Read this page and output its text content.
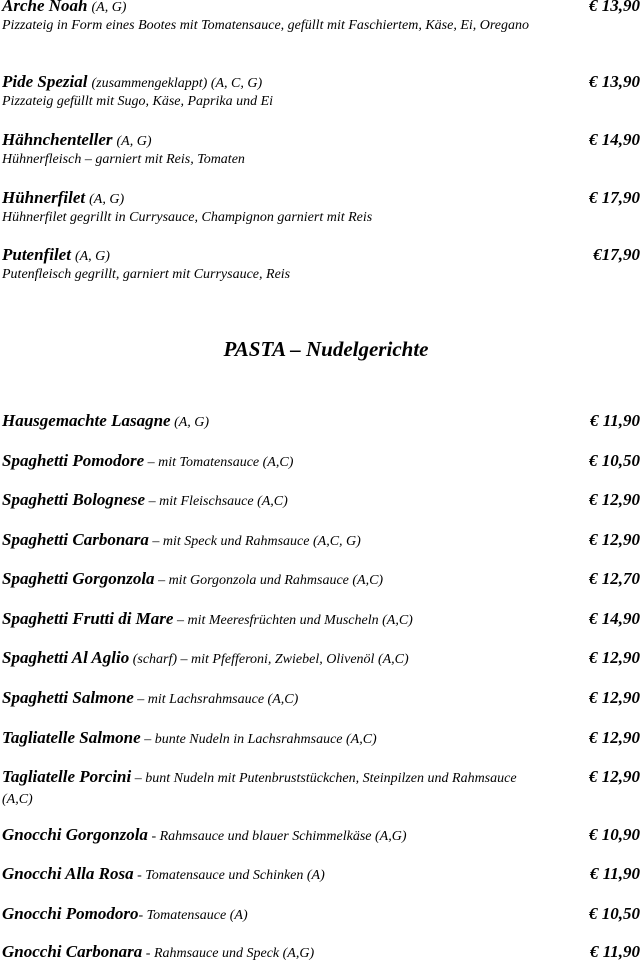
Arche Noah (A, G)
Pizzateig in Form eines Bootes mit Tomatensauce, gefüllt mit Faschiertem, Käse, Ei, Oregano
€ 13,90
Pide Spezial (zusammengeklappt) (A, C, G)
Pizzateig gefüllt mit Sugo, Käse, Paprika und Ei
€ 13,90
Hähnchenteller (A, G)
Hühnerfleisch – garniert mit Reis, Tomaten
€ 14,90
Hühnerfilet (A, G)
Hühnerfilet gegrillt in Currysauce, Champignon garniert mit Reis
€ 17,90
Putenfilet (A, G)
Putenfleisch gegrillt, garniert mit Currysauce, Reis
€17,90
PASTA – Nudelgerichte
Hausgemachte Lasagne (A, G)	€ 11,90
Spaghetti Pomodore – mit Tomatensauce (A,C)	€ 10,50
Spaghetti Bolognese – mit Fleischsauce (A,C)	€ 12,90
Spaghetti Carbonara – mit Speck und Rahmsauce (A,C, G)	€ 12,90
Spaghetti Gorgonzola – mit Gorgonzola und Rahmsauce (A,C)	€ 12,70
Spaghetti Frutti di Mare – mit Meeresfrüchten und Muscheln (A,C)	€ 14,90
Spaghetti Al Aglio (scharf) – mit Pfefferoni, Zwiebel, Olivenöl (A,C)	€ 12,90
Spaghetti Salmone – mit Lachsrahmsauce (A,C)	€ 12,90
Tagliatelle Salmone – bunte Nudeln in Lachsrahmsauce (A,C)	€ 12,90
Tagliatelle Porcini – bunt Nudeln mit Putenbruststückchen, Steinpilzen und Rahmsauce (A,C)
€ 12,90
Gnocchi Gorgonzola - Rahmsauce und blauer Schimmelkäse (A,G)	€ 10,90
Gnocchi Alla Rosa - Tomatensauce und Schinken (A)	€ 11,90
Gnocchi Pomodoro- Tomatensauce (A)	€ 10,50
Gnocchi Carbonara - Rahmsauce und Speck (A,G)	€ 11,90
